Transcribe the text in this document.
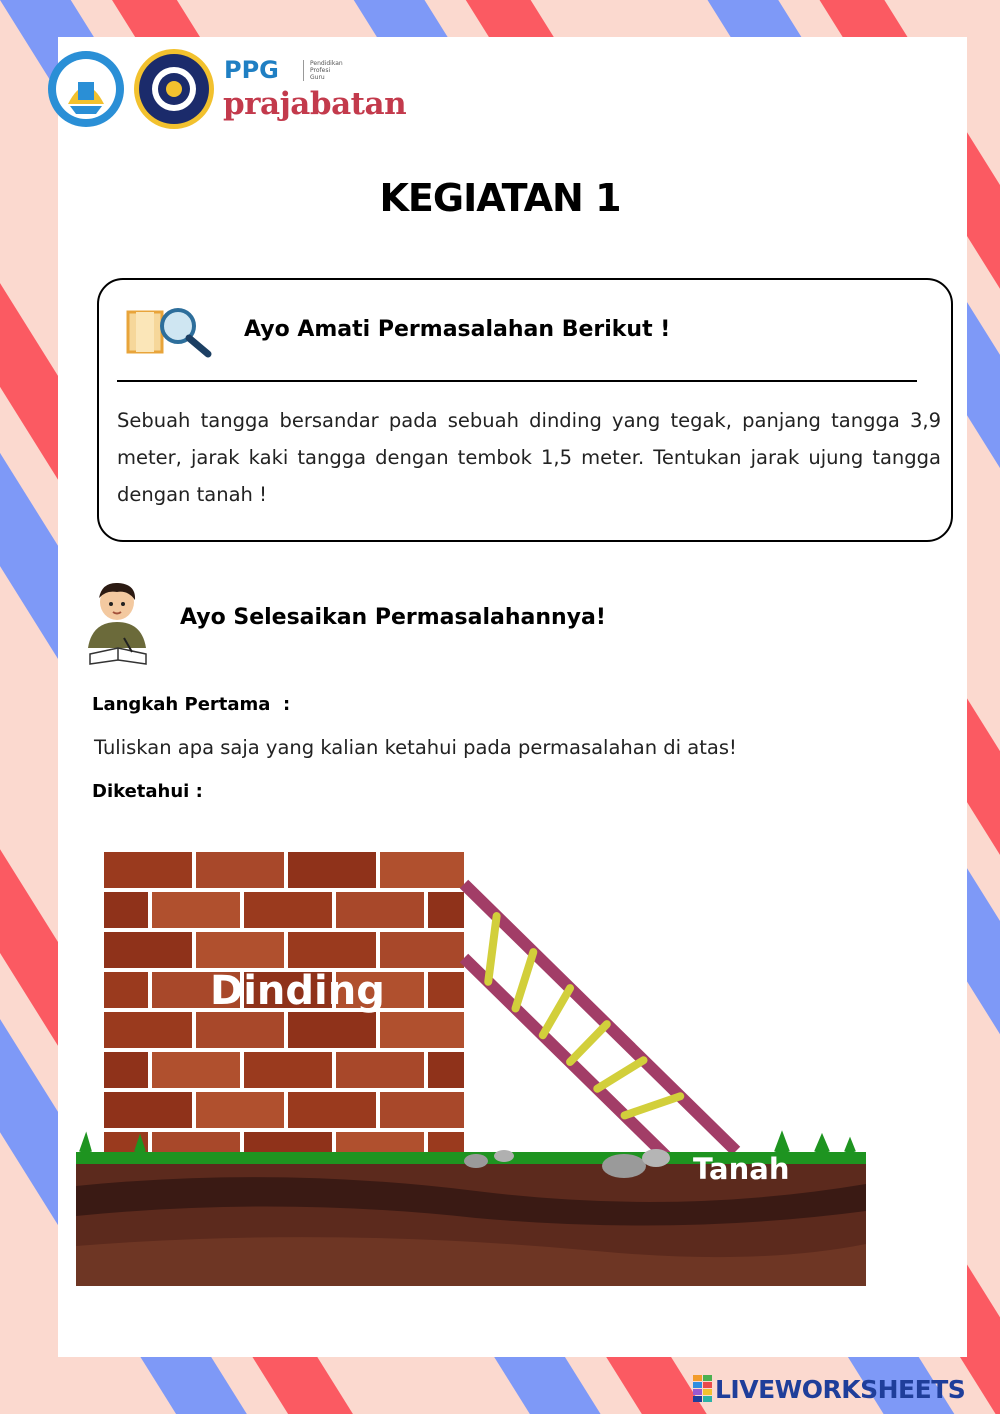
PPG	Pendidikan
Profesi
Guru
prajabatan
KEGIATAN 1
Ayo Amati Permasalahan Berikut !
Sebuah tangga bersandar pada sebuah dinding yang tegak, panjang tangga 3,9 meter, jarak kaki tangga dengan tembok 1,5 meter. Tentukan jarak ujung tangga dengan tanah !
Ayo Selesaikan Permasalahannya!
Langkah Pertama  :
Tuliskan apa saja yang kalian ketahui pada permasalahan di atas!
Diketahui :
Dinding
Tanah
LIVEWORKSHEETS
